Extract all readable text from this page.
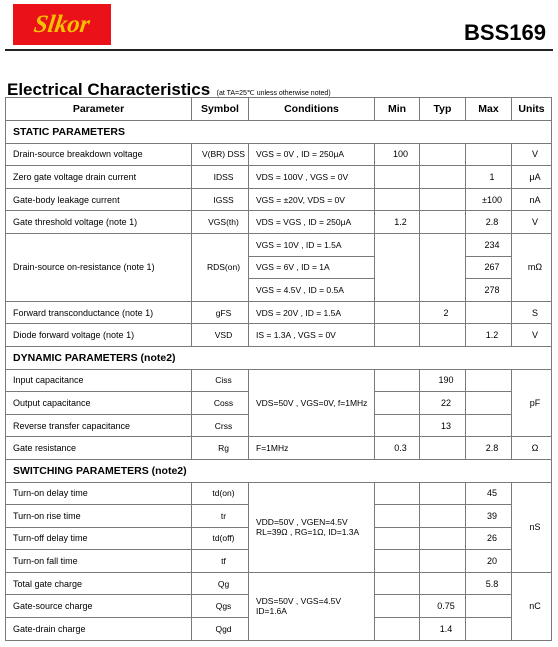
Slkor	BSS169
Electrical Characteristics (at TA=25℃ unless otherwise noted)
Parameter	Symbol	Conditions	Min	Typ	Max	Units
STATIC PARAMETERS						
Drain-source breakdown voltage	V(BR) DSS	VGS = 0V , ID = 250μA	100			V
Zero gate voltage drain current	IDSS	VDS = 100V , VGS = 0V			1	μA
Gate-body leakage current	IGSS	VGS = ±20V, VDS = 0V			±100	nA
Gate threshold voltage (note 1)	VGS(th)	VDS = VGS , ID = 250μA	1.2		2.8	V
Drain-source on-resistance (note 1)	RDS(on)	VGS = 10V , ID = 1.5A			234	mΩ
		VGS = 6V , ID = 1A			267	
		VGS = 4.5V , ID = 0.5A			278	
Forward transconductance (note 1)	gFS	VDS = 20V , ID = 1.5A		2		S
Diode forward voltage (note 1)	VSD	IS = 1.3A , VGS = 0V			1.2	V
DYNAMIC PARAMETERS (note2)						
Input capacitance	Ciss	VDS=50V , VGS=0V, f=1MHz		190		pF
Output capacitance	Coss			22		
Reverse transfer capacitance	Crss			13		
Gate resistance	Rg	F=1MHz	0.3		2.8	Ω
SWITCHING PARAMETERS (note2)						
Turn-on delay time	td(on)	VDD=50V , VGEN=4.5V
RL=39Ω , RG=1Ω, ID=1.3A			45	nS
Turn-on rise time	tr				39	
Turn-off delay time	td(off)				26	
Turn-on fall time	tf				20	
Total gate charge	Qg	VDS=50V , VGS=4.5V
ID=1.6A			5.8	nC
Gate-source charge	Qgs			0.75		
Gate-drain charge	Qgd			1.4		
